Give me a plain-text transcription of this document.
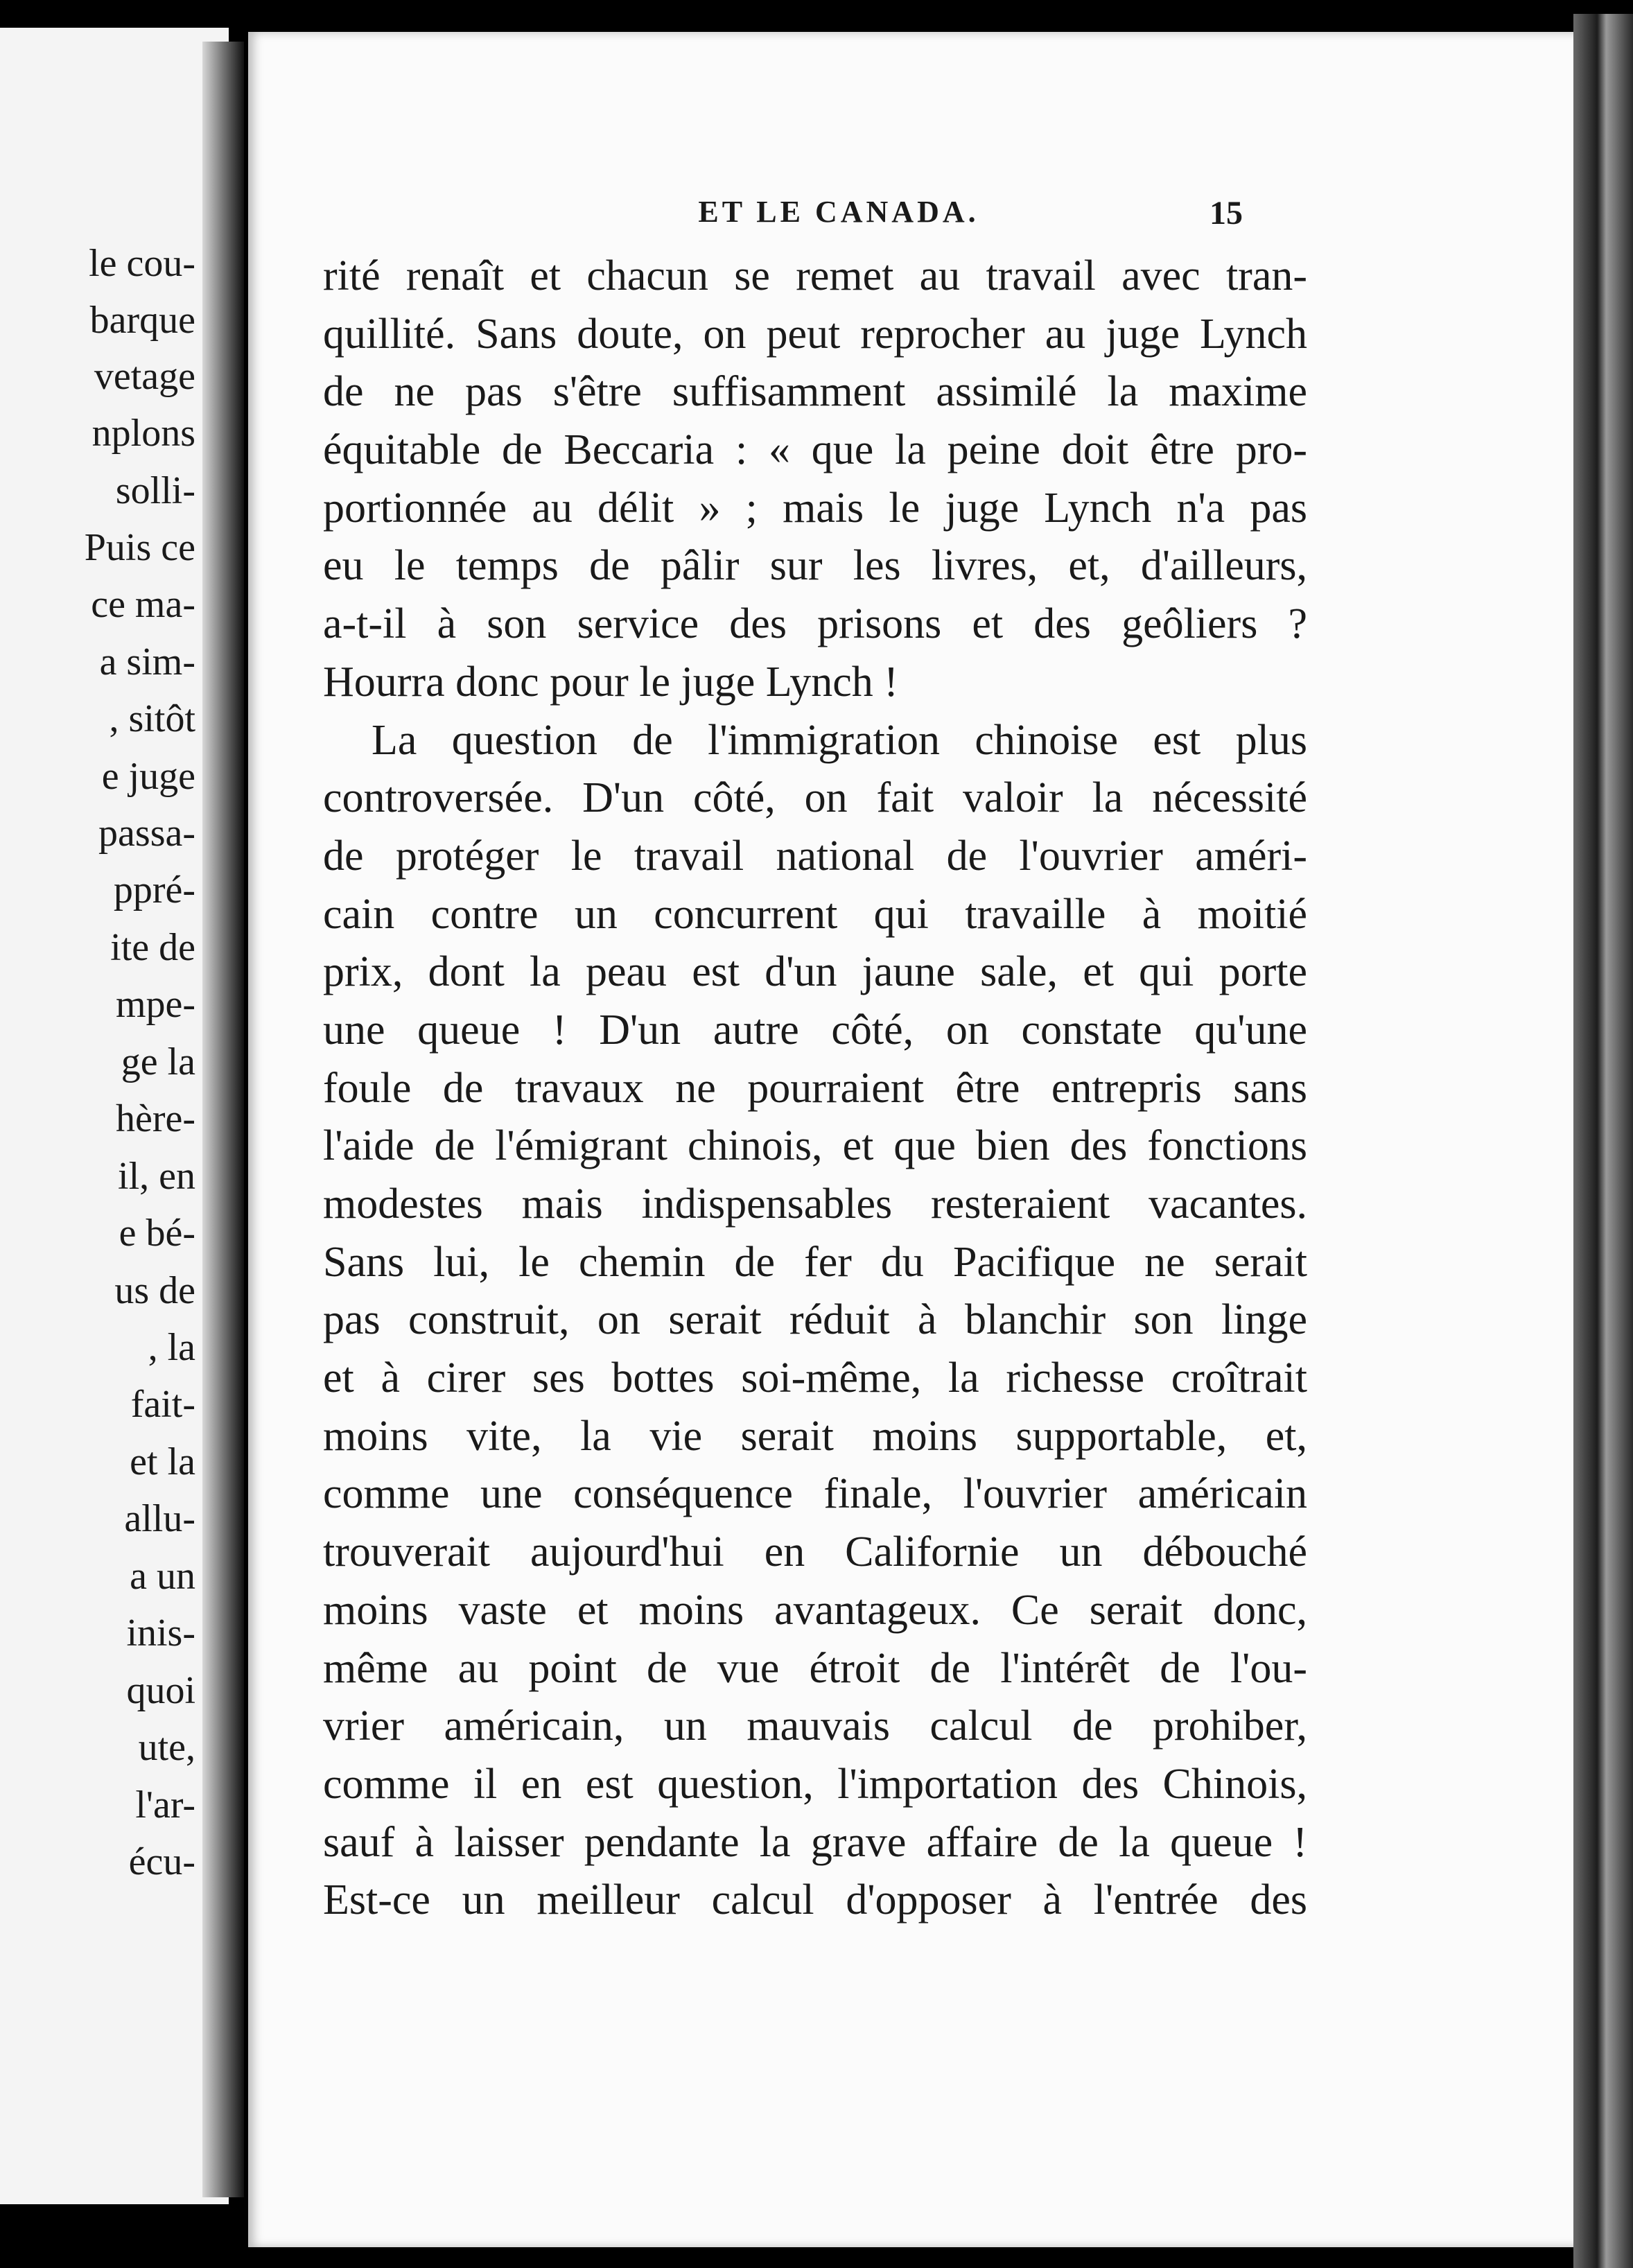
le cou-
barque
vetage
nplons
solli-
Puis ce
ce ma-
a sim-
, sitôt
e juge
passa-
ppré-
ite de
mpe-
ge la
hère-
il, en
e bé-
us de
, la
fait-
et la
allu-
a un
inis-
quoi
ute,
l'ar-
écu-
ET LE CANADA.	15
rité renaît et chacun se remet au travail avec tran-
quillité. Sans doute, on peut reprocher au juge Lynch
de ne pas s'être suffisamment assimilé la maxime
équitable de Beccaria : « que la peine doit être pro-
portionnée au délit » ; mais le juge Lynch n'a pas
eu le temps de pâlir sur les livres, et, d'ailleurs,
a-t-il à son service des prisons et des geôliers ?
Hourra donc pour le juge Lynch !
La question de l'immigration chinoise est plus
controversée. D'un côté, on fait valoir la nécessité
de protéger le travail national de l'ouvrier améri-
cain contre un concurrent qui travaille à moitié
prix, dont la peau est d'un jaune sale, et qui porte
une queue ! D'un autre côté, on constate qu'une
foule de travaux ne pourraient être entrepris sans
l'aide de l'émigrant chinois, et que bien des fonctions
modestes mais indispensables resteraient vacantes.
Sans lui, le chemin de fer du Pacifique ne serait
pas construit, on serait réduit à blanchir son linge
et à cirer ses bottes soi-même, la richesse croîtrait
moins vite, la vie serait moins supportable, et,
comme une conséquence finale, l'ouvrier américain
trouverait aujourd'hui en Californie un débouché
moins vaste et moins avantageux. Ce serait donc,
même au point de vue étroit de l'intérêt de l'ou-
vrier américain, un mauvais calcul de prohiber,
comme il en est question, l'importation des Chinois,
sauf à laisser pendante la grave affaire de la queue !
Est-ce un meilleur calcul d'opposer à l'entrée des
